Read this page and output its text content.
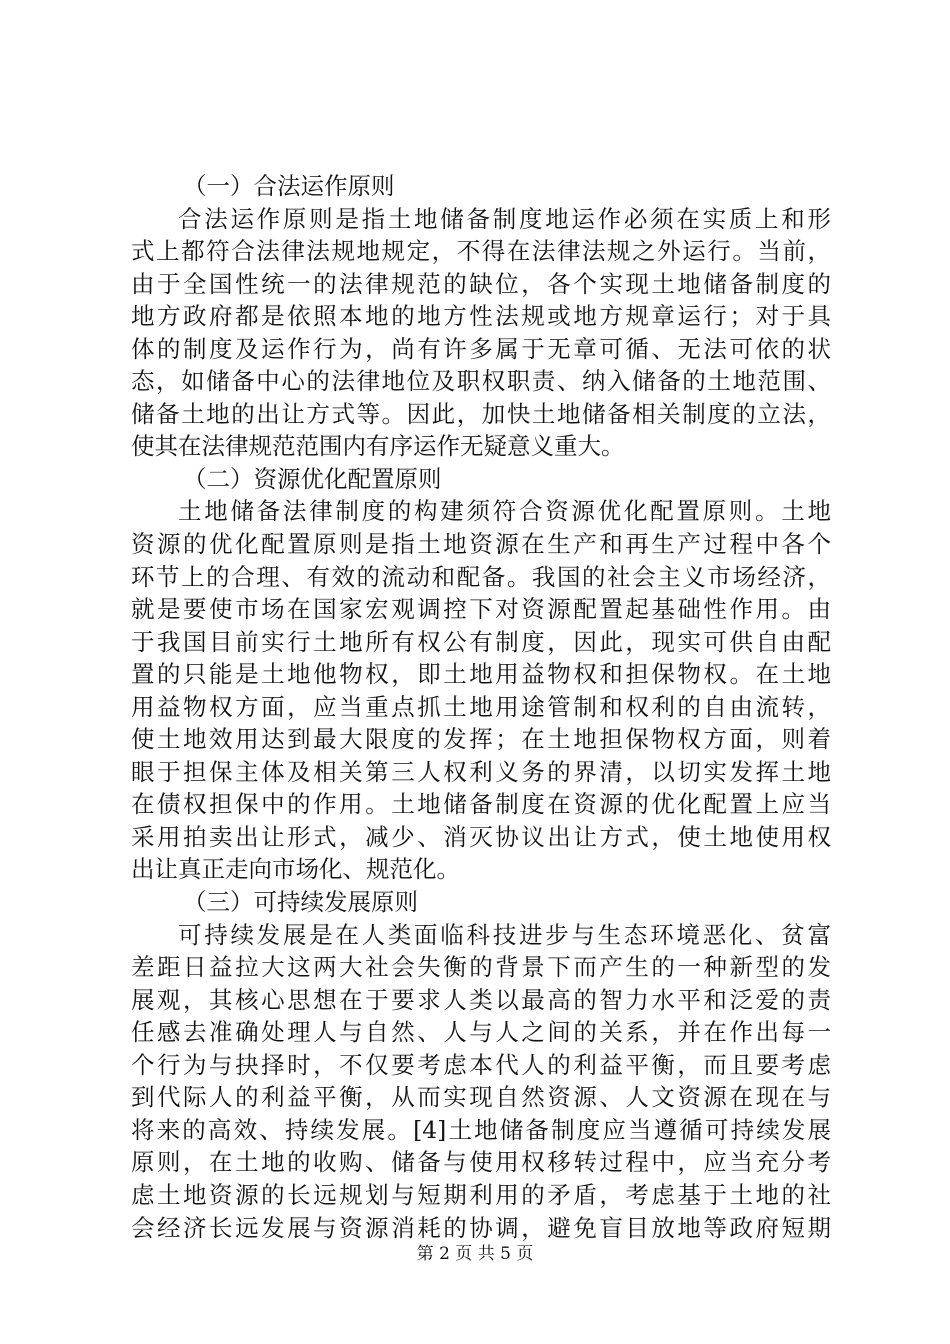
（一）合法运作原则
合法运作原则是指土地储备制度地运作必须在实质上和形
式上都符合法律法规地规定，不得在法律法规之外运行。当前，
由于全国性统一的法律规范的缺位，各个实现土地储备制度的
地方政府都是依照本地的地方性法规或地方规章运行；对于具
体的制度及运作行为，尚有许多属于无章可循、无法可依的状
态，如储备中心的法律地位及职权职责、纳入储备的土地范围、
储备土地的出让方式等。因此，加快土地储备相关制度的立法，
使其在法律规范范围内有序运作无疑意义重大。
（二）资源优化配置原则
土地储备法律制度的构建须符合资源优化配置原则。土地
资源的优化配置原则是指土地资源在生产和再生产过程中各个
环节上的合理、有效的流动和配备。我国的社会主义市场经济，
就是要使市场在国家宏观调控下对资源配置起基础性作用。由
于我国目前实行土地所有权公有制度，因此，现实可供自由配
置的只能是土地他物权，即土地用益物权和担保物权。在土地
用益物权方面，应当重点抓土地用途管制和权利的自由流转，
使土地效用达到最大限度的发挥；在土地担保物权方面，则着
眼于担保主体及相关第三人权利义务的界清，以切实发挥土地
在债权担保中的作用。土地储备制度在资源的优化配置上应当
采用拍卖出让形式，减少、消灭协议出让方式，使土地使用权
出让真正走向市场化、规范化。
（三）可持续发展原则
可持续发展是在人类面临科技进步与生态环境恶化、贫富
差距日益拉大这两大社会失衡的背景下而产生的一种新型的发
展观，其核心思想在于要求人类以最高的智力水平和泛爱的责
任感去准确处理人与自然、人与人之间的关系，并在作出每一
个行为与抉择时，不仅要考虑本代人的利益平衡，而且要考虑
到代际人的利益平衡，从而实现自然资源、人文资源在现在与
将来的高效、持续发展。[4]土地储备制度应当遵循可持续发展
原则，在土地的收购、储备与使用权移转过程中，应当充分考
虑土地资源的长远规划与短期利用的矛盾，考虑基于土地的社
会经济长远发展与资源消耗的协调，避免盲目放地等政府短期
第 2 页 共 5 页
